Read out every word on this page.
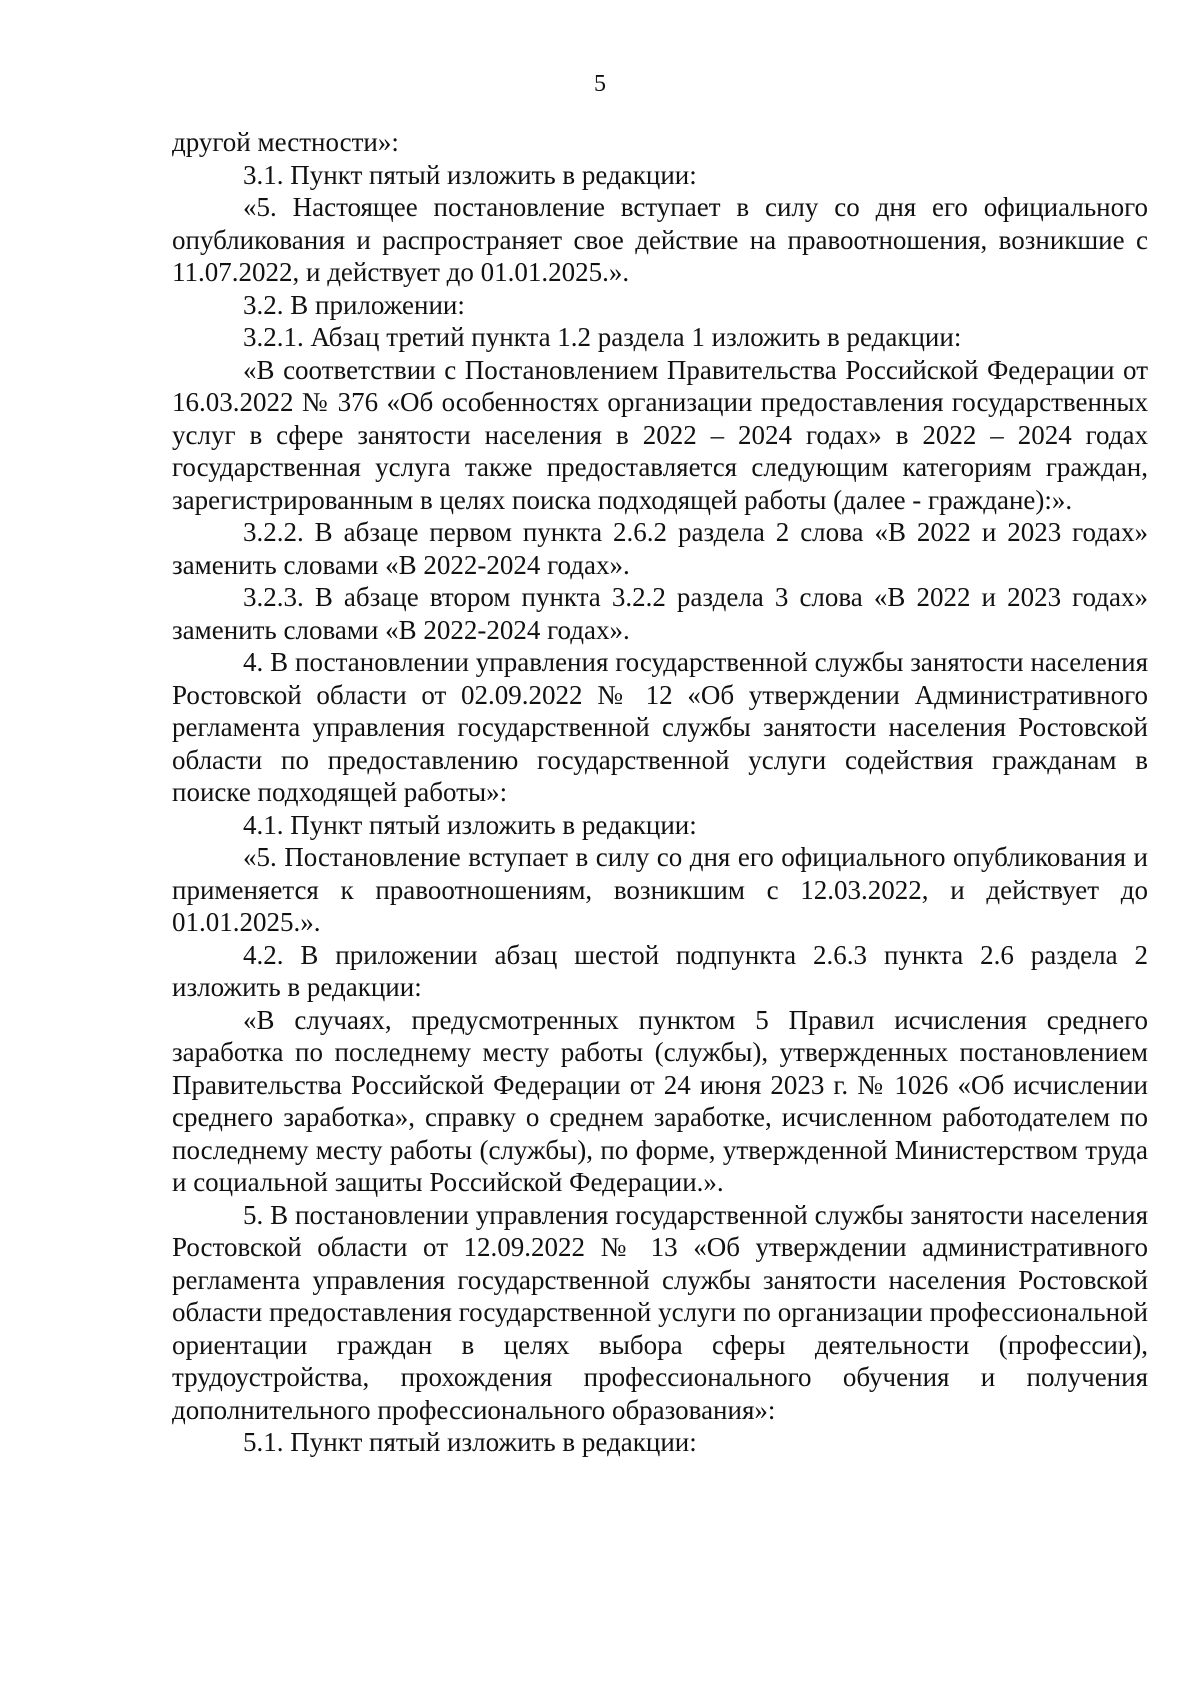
5

другой местности»:

3.1. Пункт пятый изложить в редакции:

«5. Настоящее постановление вступает в силу со дня его официального опубликования и распространяет свое действие на правоотношения, возникшие с 11.07.2022, и действует до 01.01.2025.».

3.2. В приложении:

3.2.1. Абзац третий пункта 1.2 раздела 1 изложить в редакции:

«В соответствии с Постановлением Правительства Российской Федерации от 16.03.2022 № 376 «Об особенностях организации предоставления государственных услуг в сфере занятости населения в 2022 – 2024 годах» в 2022 – 2024 годах государственная услуга также предоставляется следующим категориям граждан, зарегистрированным в целях поиска подходящей работы (далее - граждане):».

3.2.2. В абзаце первом пункта 2.6.2 раздела 2 слова «В 2022 и 2023 годах» заменить словами «В 2022-2024 годах».

3.2.3. В абзаце втором пункта 3.2.2 раздела 3 слова «В 2022 и 2023 годах» заменить словами «В 2022-2024 годах».

4. В постановлении управления государственной службы занятости населения Ростовской области от 02.09.2022 № 12 «Об утверждении Административного регламента управления государственной службы занятости населения Ростовской области по предоставлению государственной услуги содействия гражданам в поиске подходящей работы»:

4.1. Пункт пятый изложить в редакции:

«5. Постановление вступает в силу со дня его официального опубликования и применяется к правоотношениям, возникшим с 12.03.2022, и действует до 01.01.2025.».

4.2. В приложении абзац шестой подпункта 2.6.3 пункта 2.6 раздела 2 изложить в редакции:

«В случаях, предусмотренных пунктом 5 Правил исчисления среднего заработка по последнему месту работы (службы), утвержденных постановлением Правительства Российской Федерации от 24 июня 2023 г. № 1026 «Об исчислении среднего заработка», справку о среднем заработке, исчисленном работодателем по последнему месту работы (службы), по форме, утвержденной Министерством труда и социальной защиты Российской Федерации.».

5. В постановлении управления государственной службы занятости населения Ростовской области от 12.09.2022 № 13 «Об утверждении административного регламента управления государственной службы занятости населения Ростовской области предоставления государственной услуги по организации профессиональной ориентации граждан в целях выбора сферы деятельности (профессии), трудоустройства, прохождения профессионального обучения и получения дополнительного профессионального образования»:

5.1. Пункт пятый изложить в редакции:
